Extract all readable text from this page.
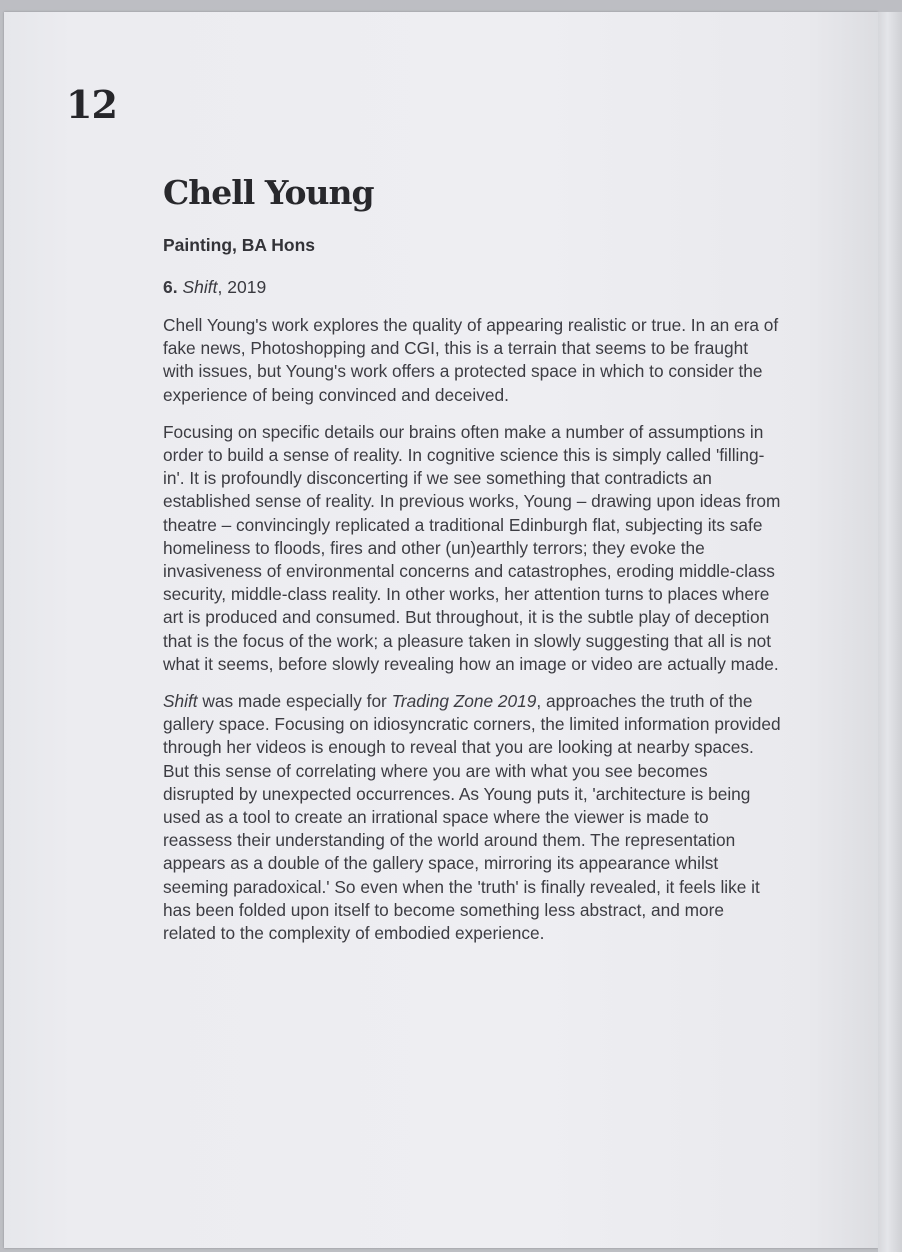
12
Chell Young
Painting, BA Hons
6. Shift, 2019

Chell Young's work explores the quality of appearing realistic or true. In an era of fake news, Photoshopping and CGI, this is a terrain that seems to be fraught with issues, but Young's work offers a protected space in which to consider the experience of being convinced and deceived.

Focusing on specific details our brains often make a number of assumptions in order to build a sense of reality. In cognitive science this is simply called 'filling-in'. It is profoundly disconcerting if we see something that contradicts an established sense of reality. In previous works, Young – drawing upon ideas from theatre – convincingly replicated a traditional Edinburgh flat, subjecting its safe homeliness to floods, fires and other (un)earthly terrors; they evoke the invasiveness of environmental concerns and catastrophes, eroding middle-class security, middle-class reality. In other works, her attention turns to places where art is produced and consumed. But throughout, it is the subtle play of deception that is the focus of the work; a pleasure taken in slowly suggesting that all is not what it seems, before slowly revealing how an image or video are actually made.

Shift was made especially for Trading Zone 2019, approaches the truth of the gallery space. Focusing on idiosyncratic corners, the limited information provided through her videos is enough to reveal that you are looking at nearby spaces. But this sense of correlating where you are with what you see becomes disrupted by unexpected occurrences. As Young puts it, 'architecture is being used as a tool to create an irrational space where the viewer is made to reassess their understanding of the world around them. The representation appears as a double of the gallery space, mirroring its appearance whilst seeming paradoxical.' So even when the 'truth' is finally revealed, it feels like it has been folded upon itself to become something less abstract, and more related to the complexity of embodied experience.
